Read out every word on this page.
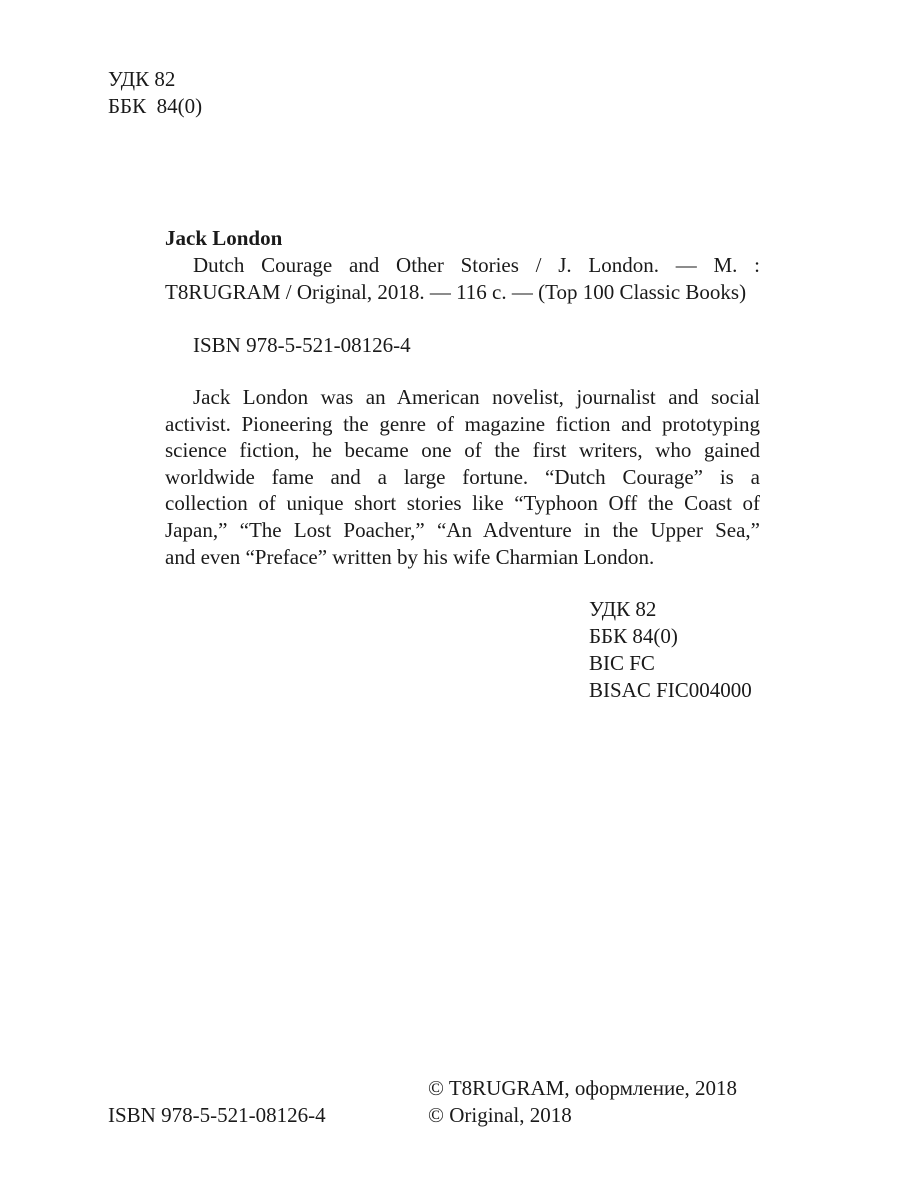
УДК 82
ББК  84(0)
Jack London
Dutch Courage and Other Stories / J. London. — M. :
T8RUGRAM / Original, 2018. — 116 с. — (Top 100 Classic Books)
ISBN 978-5-521-08126-4
Jack London was an American novelist, journalist and social
activist. Pioneering the genre of magazine fiction and prototyping
science fiction, he became one of the first writers, who gained
worldwide fame and a large fortune. “Dutch Courage” is a
collection of unique short stories like “Typhoon Off the Coast of
Japan,” “The Lost Poacher,” “An Adventure in the Upper Sea,”
and even “Preface” written by his wife Charmian London.
УДК 82
ББК 84(0)
BIC FC
BISAC FIC004000
© T8RUGRAM, оформление, 2018
© Original, 2018
ISBN 978-5-521-08126-4
